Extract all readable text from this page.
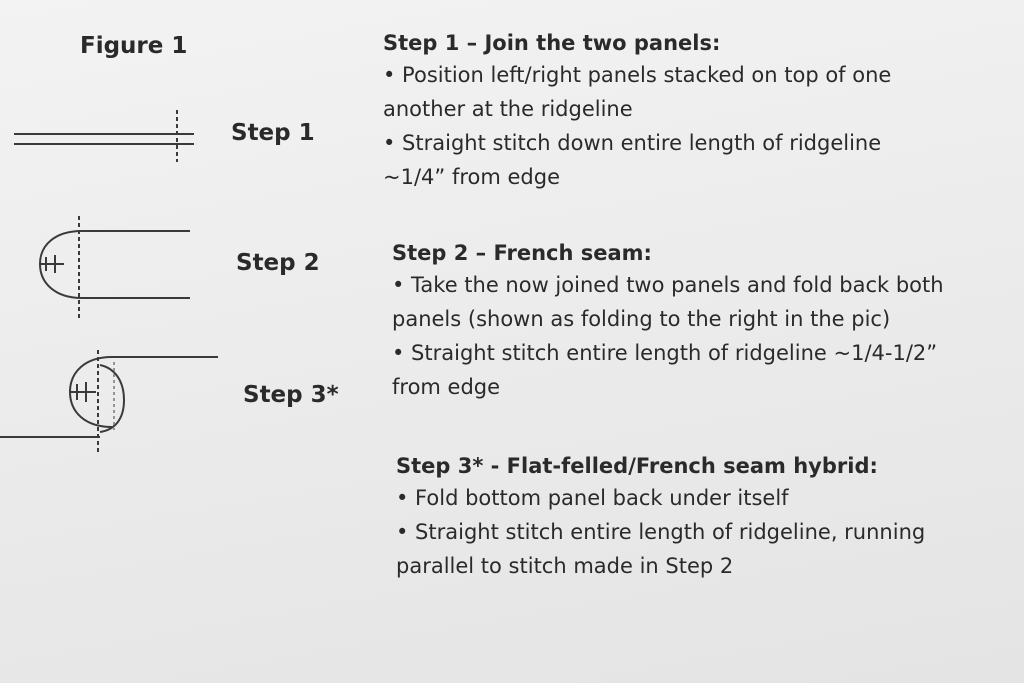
Figure 1
Step 1
Step 2
Step 3*
Step 1 – Join the two panels:
• Position left/right panels stacked on top of one
another at the ridgeline
• Straight stitch down entire length of ridgeline
~1/4” from edge
Step 2 – French seam:
• Take the now joined two panels and fold back both
panels (shown as folding to the right in the pic)
• Straight stitch entire length of ridgeline ~1/4-1/2”
from edge
Step 3* - Flat-felled/French seam hybrid:
• Fold bottom panel back under itself
• Straight stitch entire length of ridgeline, running
parallel to stitch made in Step 2
